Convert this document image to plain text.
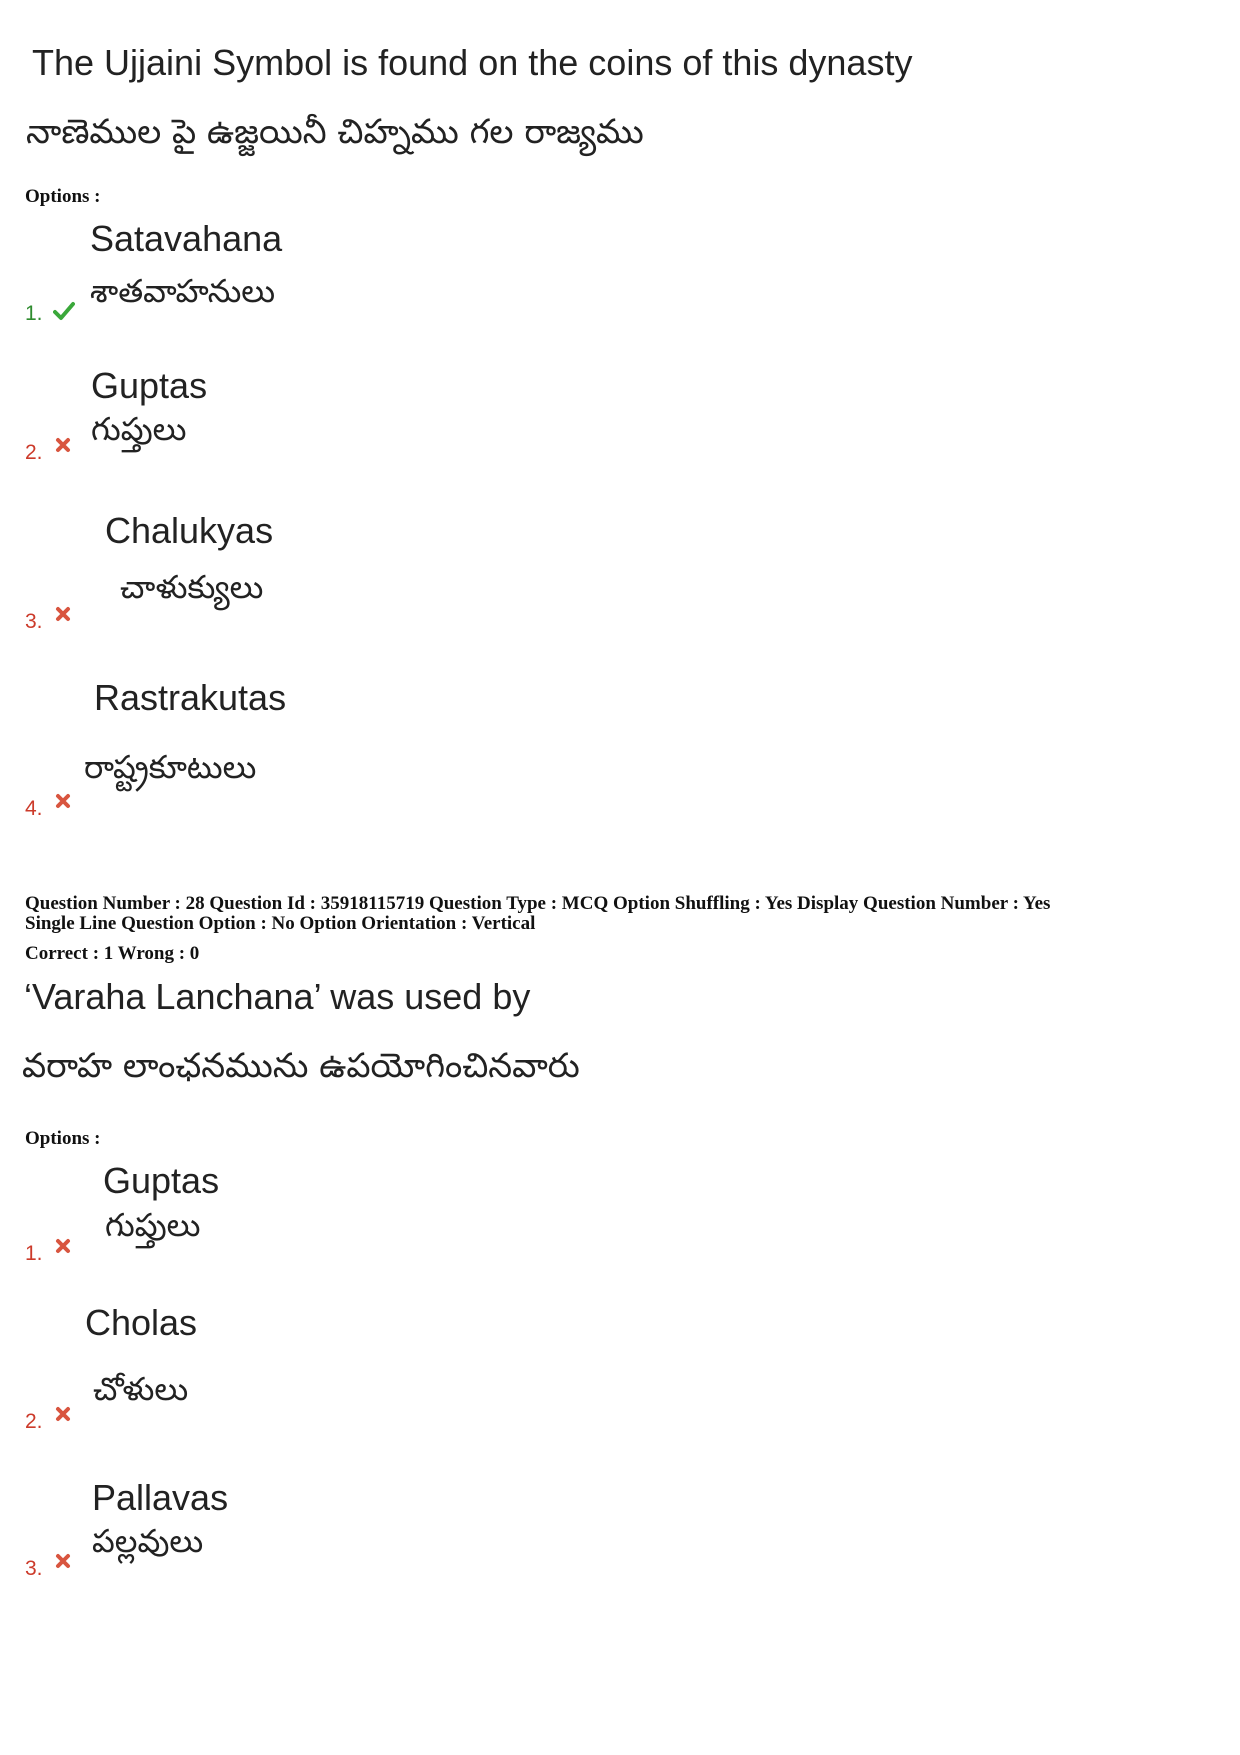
The Ujjaini Symbol is found on the coins of this dynasty
నాణెముల పై ఉజ్జయినీ చిహ్నము గల రాజ్యము
Options :
Satavahana
శాతవాహనులు
1.
Guptas
గుప్తులు
2.
Chalukyas
చాళుక్యులు
3.
Rastrakutas
రాష్ట్రకూటులు
4.
Question Number : 28 Question Id : 35918115719 Question Type : MCQ Option Shuffling : Yes Display Question Number : Yes
Single Line Question Option : No Option Orientation : Vertical
Correct : 1 Wrong : 0
‘Varaha Lanchana’ was used by
వరాహ లాంఛనమును ఉపయోగించినవారు
Options :
Guptas
గుప్తులు
1.
Cholas
చోళులు
2.
Pallavas
పల్లవులు
3.
